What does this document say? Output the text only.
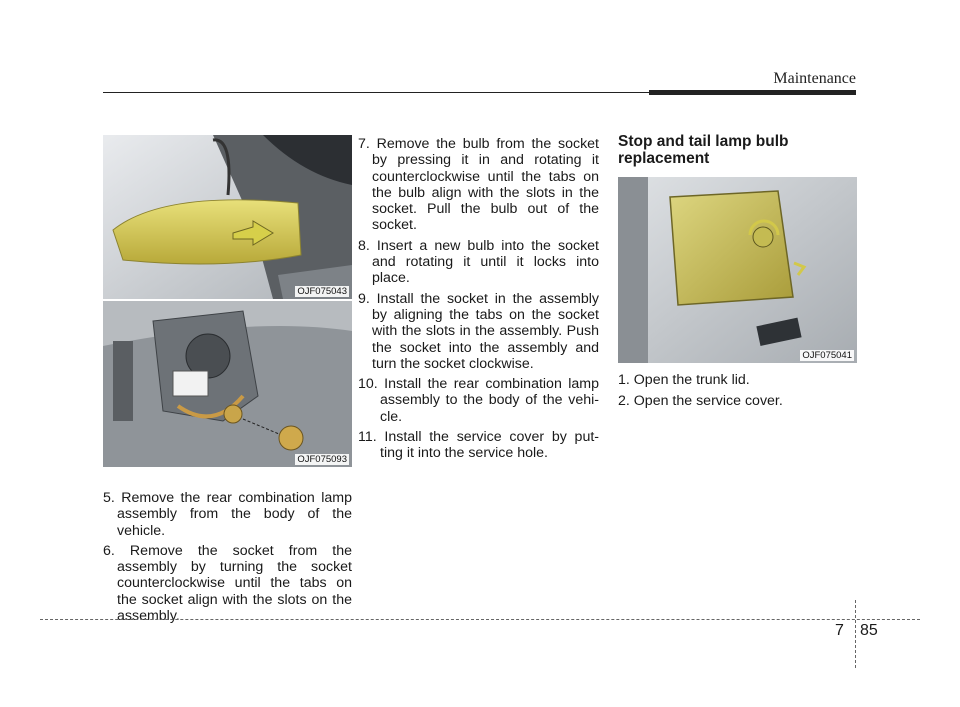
Maintenance
OJF075043
OJF075093

5. Remove the rear combination lamp assembly from the body of the vehicle.

6. Remove the socket from the assembly by turning the socket counterclockwise until the tabs on the socket align with the slots on the assembly.

7. Remove the bulb from the socket by pressing it in and rotating it counterclockwise until the tabs on the bulb align with the slots in the socket. Pull the bulb out of the socket.

8. Insert a new bulb into the socket and rotating it until it locks into place.

9. Install the socket in the assembly by aligning the tabs on the socket with the slots in the assembly. Push the socket into the assembly and turn the socket clockwise.

10. Install the rear combination lamp assembly to the body of the vehi-cle.

11. Install the service cover by put-ting it into the service hole.

Stop and tail lamp bulb replacement
OJF075041

1. Open the trunk lid.

2. Open the service cover.

7 85
